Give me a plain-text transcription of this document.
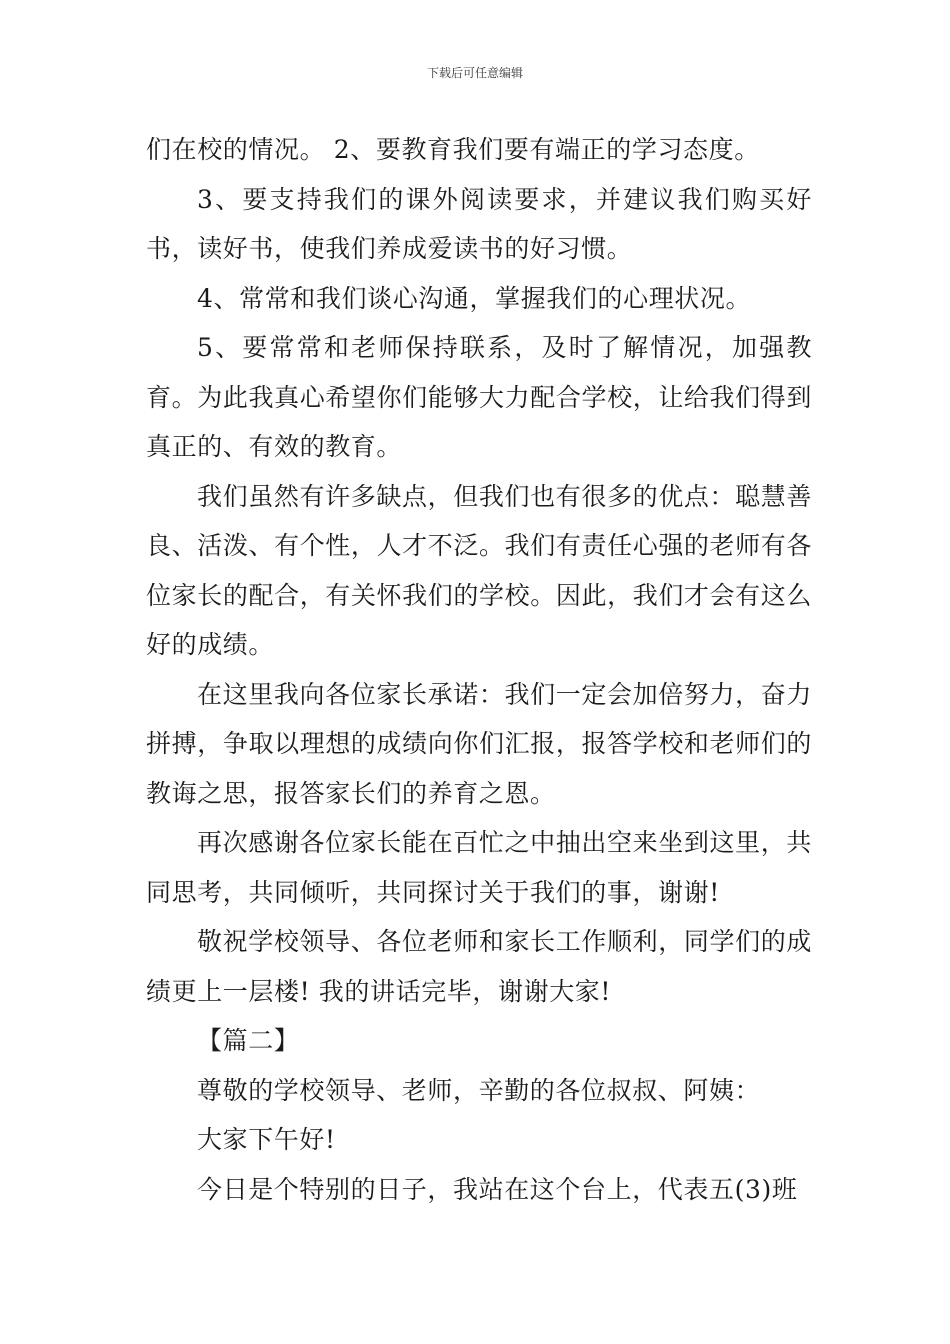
下载后可任意编辑

们在校的情况。 2、要教育我们要有端正的学习态度。

3、要支持我们的课外阅读要求，并建议我们购买好书，读好书，使我们养成爱读书的好习惯。

4、常常和我们谈心沟通，掌握我们的心理状况。

5、要常常和老师保持联系，及时了解情况，加强教育。为此我真心希望你们能够大力配合学校，让给我们得到真正的、有效的教育。

我们虽然有许多缺点，但我们也有很多的优点：聪慧善良、活泼、有个性，人才不泛。我们有责任心强的老师有各位家长的配合，有关怀我们的学校。因此，我们才会有这么好的成绩。

在这里我向各位家长承诺：我们一定会加倍努力，奋力拼搏，争取以理想的成绩向你们汇报，报答学校和老师们的教诲之思，报答家长们的养育之恩。

再次感谢各位家长能在百忙之中抽出空来坐到这里，共同思考，共同倾听，共同探讨关于我们的事，谢谢!

敬祝学校领导、各位老师和家长工作顺利，同学们的成绩更上一层楼! 我的讲话完毕，谢谢大家!

【篇二】

尊敬的学校领导、老师，辛勤的各位叔叔、阿姨：

大家下午好!

今日是个特别的日子，我站在这个台上，代表五(3)班
